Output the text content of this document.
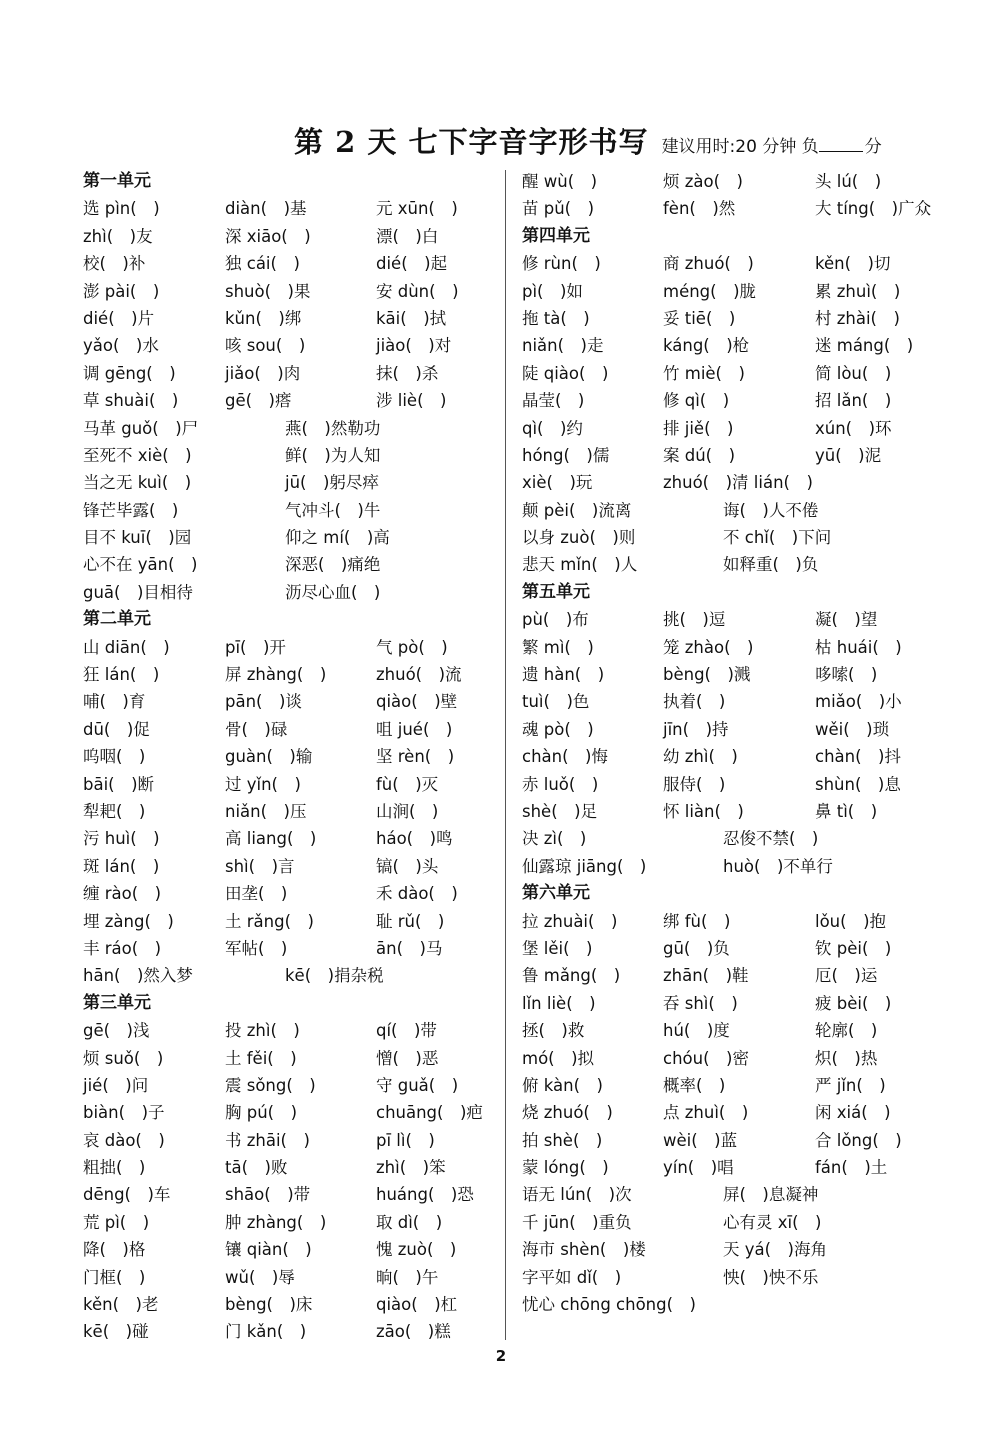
第 2 天 七下字音字形书写 建议用时:20 分钟 负	分
第一单元
选 pìn(　)	diàn(　)基	元 xūn(　)
zhì(　)友	深 xiāo(　)	漂(　)白
校(　)补	独 cái(　)	dié(　)起
澎 pài(　)	shuò(　)果	安 dùn(　)
dié(　)片	kǔn(　)绑	kāi(　)拭
yǎo(　)水	咳 sou(　)	jiào(　)对
调 gēng(　)	jiǎo(　)肉	抹(　)杀
草 shuài(　)	gē(　)瘩	涉 liè(　)
马革 guǒ(　)尸	燕(　)然勒功
至死不 xiè(　)	鲜(　)为人知
当之无 kuì(　)	jū(　)躬尽瘁
锋芒毕露(　)	气冲斗(　)牛
目不 kuī(　)园	仰之 mí(　)高
心不在 yān(　)	深恶(　)痛绝
guā(　)目相待	沥尽心血(　)
第二单元
山 diān(　)	pī(　)开	气 pò(　)
狂 lán(　)	屏 zhàng(　)	zhuó(　)流
哺(　)育	pān(　)谈	qiào(　)壁
dū(　)促	骨(　)碌	咀 jué(　)
呜咽(　)	guàn(　)输	坚 rèn(　)
bāi(　)断	过 yǐn(　)	fù(　)灭
犁耙(　)	niǎn(　)压	山涧(　)
污 huì(　)	高 liang(　)	háo(　)鸣
斑 lán(　)	shì(　)言	镐(　)头
缠 rào(　)	田垄(　)	禾 dào(　)
埋 zàng(　)	土 rǎng(　)	耻 rǔ(　)
丰 ráo(　)	军帖(　)	ān(　)马
hān(　)然入梦	kē(　)捐杂税
第三单元
gē(　)浅	投 zhì(　)	qí(　)带
烦 suǒ(　)	土 fěi(　)	憎(　)恶
jié(　)问	震 sǒng(　)	守 guǎ(　)
biàn(　)子	胸 pú(　)	chuāng(　)疤
哀 dào(　)	书 zhāi(　)	pī lì(　)
粗拙(　)	tā(　)败	zhì(　)笨
dēng(　)车	shāo(　)带	huáng(　)恐
荒 pì(　)	肿 zhàng(　)	取 dì(　)
降(　)格	镶 qiàn(　)	愧 zuò(　)
门框(　)	wǔ(　)辱	晌(　)午
kěn(　)老	bèng(　)床	qiào(　)杠
kē(　)碰	门 kǎn(　)	zāo(　)糕
醒 wù(　)	烦 zào(　)	头 lú(　)
苗 pǔ(　)	fèn(　)然	大 tíng(　)广众
第四单元
修 rùn(　)	商 zhuó(　)	kěn(　)切
pì(　)如	méng(　)胧	累 zhuì(　)
拖 tà(　)	妥 tiē(　)	村 zhài(　)
niǎn(　)走	káng(　)枪	迷 máng(　)
陡 qiào(　)	竹 miè(　)	简 lòu(　)
晶莹(　)	修 qì(　)	招 lǎn(　)
qì(　)约	排 jiě(　)	xún(　)环
hóng(　)儒	案 dú(　)	yū(　)泥
xiè(　)玩	zhuó(　)清 lián(　)
颠 pèi(　)流离	诲(　)人不倦
以身 zuò(　)则	不 chǐ(　)下问
悲天 mǐn(　)人	如释重(　)负
第五单元
pù(　)布	挑(　)逗	凝(　)望
繁 mì(　)	笼 zhào(　)	枯 huái(　)
遗 hàn(　)	bèng(　)溅	哆嗦(　)
tuì(　)色	执着(　)	miǎo(　)小
魂 pò(　)	jīn(　)持	wěi(　)琐
chàn(　)悔	幼 zhì(　)	chàn(　)抖
赤 luǒ(　)	服侍(　)	shùn(　)息
shè(　)足	怀 liàn(　)	鼻 tì(　)
决 zì(　)	忍俊不禁(　)
仙露琼 jiāng(　)	huò(　)不单行
第六单元
拉 zhuài(　)	绑 fù(　)	lǒu(　)抱
堡 lěi(　)	gū(　)负	钦 pèi(　)
鲁 mǎng(　)	zhān(　)鞋	厄(　)运
lǐn liè(　)	吞 shì(　)	疲 bèi(　)
拯(　)救	hú(　)度	轮廓(　)
mó(　)拟	chóu(　)密	炽(　)热
俯 kàn(　)	概率(　)	严 jǐn(　)
烧 zhuó(　)	点 zhuì(　)	闲 xiá(　)
拍 shè(　)	wèi(　)蓝	合 lǒng(　)
蒙 lóng(　)	yín(　)唱	fán(　)土
语无 lún(　)次	屏(　)息凝神
千 jūn(　)重负	心有灵 xī(　)
海市 shèn(　)楼	天 yá(　)海角
字平如 dǐ(　)	怏(　)怏不乐
忧心 chōng chōng(　)
2
